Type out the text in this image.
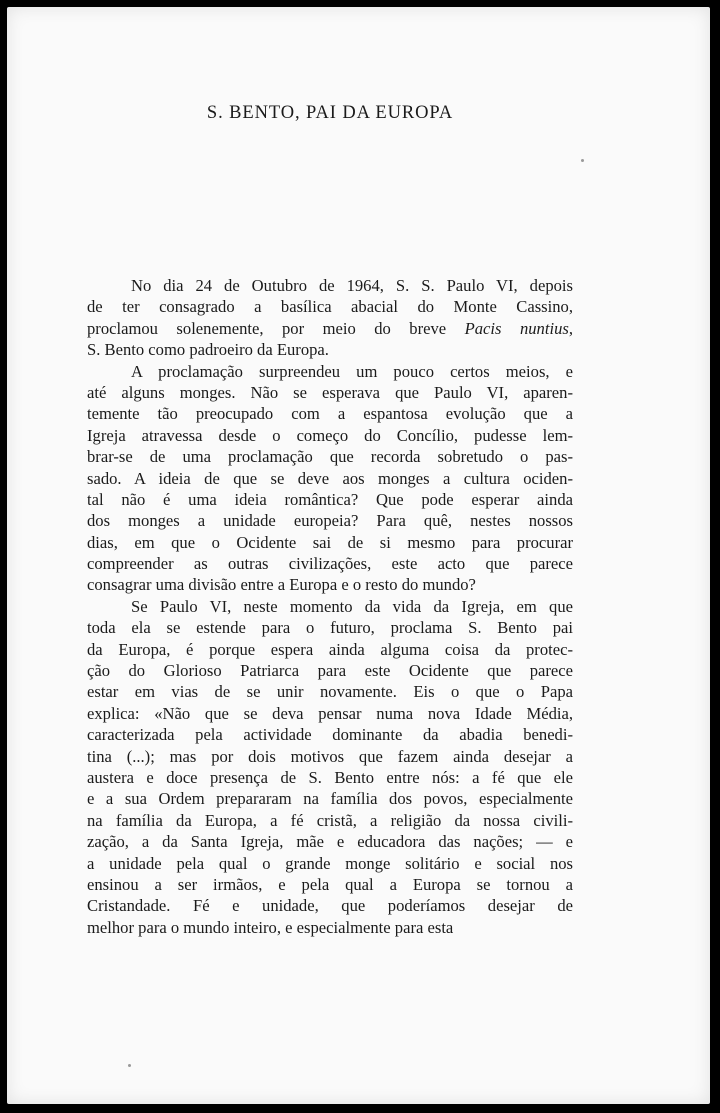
S. BENTO, PAI DA EUROPA
No dia 24 de Outubro de 1964, S. S. Paulo VI, depois
de ter consagrado a basílica abacial do Monte Cassino,
proclamou solenemente, por meio do breve Pacis nuntius,
S. Bento como padroeiro da Europa.
A proclamação surpreendeu um pouco certos meios, e
até alguns monges. Não se esperava que Paulo VI, aparen-
temente tão preocupado com a espantosa evolução que a
Igreja atravessa desde o começo do Concílio, pudesse lem-
brar-se de uma proclamação que recorda sobretudo o pas-
sado. A ideia de que se deve aos monges a cultura ociden-
tal não é uma ideia romântica? Que pode esperar ainda
dos monges a unidade europeia? Para quê, nestes nossos
dias, em que o Ocidente sai de si mesmo para procurar
compreender as outras civilizações, este acto que parece
consagrar uma divisão entre a Europa e o resto do mundo?
Se Paulo VI, neste momento da vida da Igreja, em que
toda ela se estende para o futuro, proclama S. Bento pai
da Europa, é porque espera ainda alguma coisa da protec-
ção do Glorioso Patriarca para este Ocidente que parece
estar em vias de se unir novamente. Eis o que o Papa
explica: «Não que se deva pensar numa nova Idade Média,
caracterizada pela actividade dominante da abadia benedi-
tina (...); mas por dois motivos que fazem ainda desejar a
austera e doce presença de S. Bento entre nós: a fé que ele
e a sua Ordem prepararam na família dos povos, especialmente
na família da Europa, a fé cristã, a religião da nossa civili-
zação, a da Santa Igreja, mãe e educadora das nações; — e
a unidade pela qual o grande monge solitário e social nos
ensinou a ser irmãos, e pela qual a Europa se tornou a
Cristandade. Fé e unidade, que poderíamos desejar de
melhor para o mundo inteiro, e especialmente para esta
